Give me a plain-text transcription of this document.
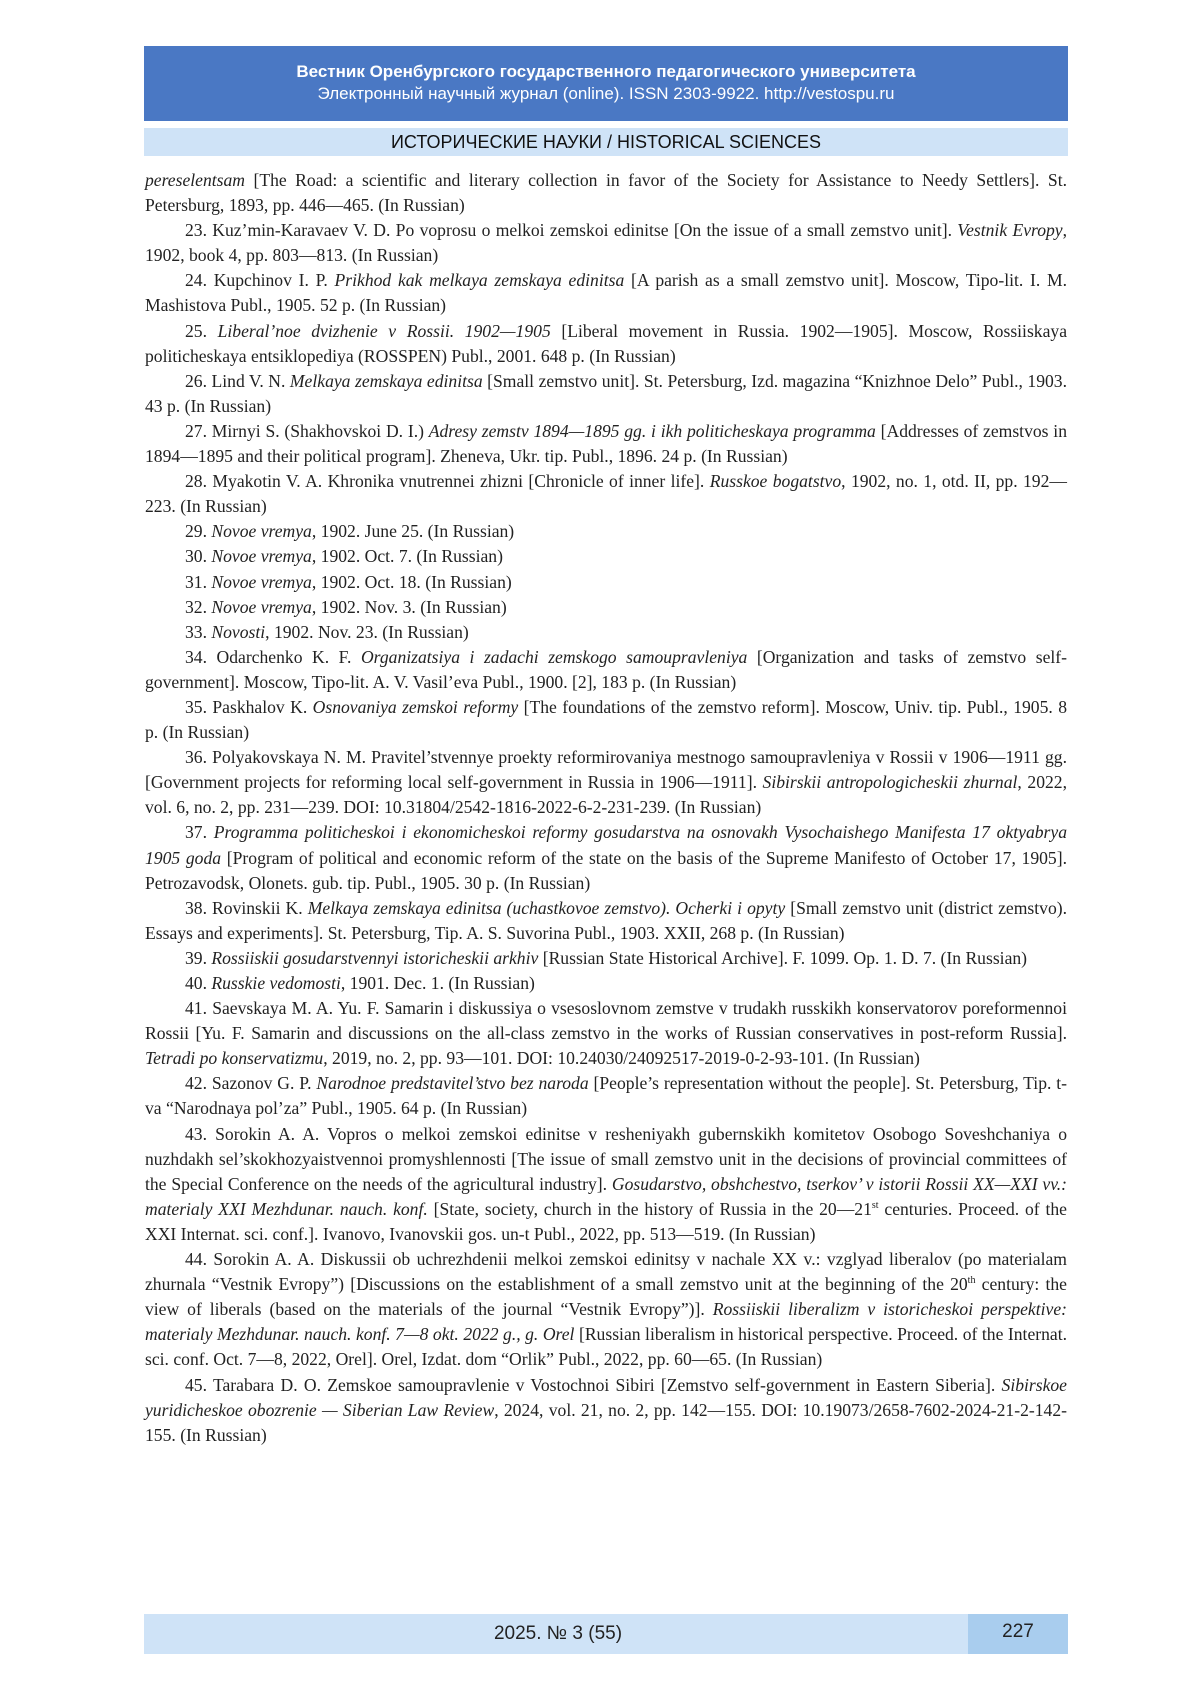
Вестник Оренбургского государственного педагогического университета
Электронный научный журнал (online). ISSN 2303-9922. http://vestospu.ru
ИСТОРИЧЕСКИЕ НАУКИ / HISTORICAL SCIENCES

pereselentsam [The Road: a scientific and literary collection in favor of the Society for Assistance to Needy Settlers]. St. Petersburg, 1893, pp. 446—465. (In Russian)

23. Kuz’min-Karavaev V. D. Po voprosu o melkoi zemskoi edinitse [On the issue of a small zemstvo unit]. Vestnik Evropy, 1902, book 4, pp. 803—813. (In Russian)

24. Kupchinov I. P. Prikhod kak melkaya zemskaya edinitsa [A parish as a small zemstvo unit]. Moscow, Tipo-lit. I. M. Mashistova Publ., 1905. 52 p. (In Russian)

25. Liberal’noe dvizhenie v Rossii. 1902—1905 [Liberal movement in Russia. 1902—1905]. Moscow, Rossiiskaya politicheskaya entsiklopediya (ROSSPEN) Publ., 2001. 648 p. (In Russian)

26. Lind V. N. Melkaya zemskaya edinitsa [Small zemstvo unit]. St. Petersburg, Izd. magazina “Knizhnoe Delo” Publ., 1903. 43 p. (In Russian)

27. Mirnyi S. (Shakhovskoi D. I.) Adresy zemstv 1894—1895 gg. i ikh politicheskaya programma [Addresses of zemstvos in 1894—1895 and their political program]. Zheneva, Ukr. tip. Publ., 1896. 24 p. (In Russian)

28. Myakotin V. A. Khronika vnutrennei zhizni [Chronicle of inner life]. Russkoe bogatstvo, 1902, no. 1, otd. II, pp. 192—223. (In Russian)

29. Novoe vremya, 1902. June 25. (In Russian)

30. Novoe vremya, 1902. Oct. 7. (In Russian)

31. Novoe vremya, 1902. Oct. 18. (In Russian)

32. Novoe vremya, 1902. Nov. 3. (In Russian)

33. Novosti, 1902. Nov. 23. (In Russian)

34. Odarchenko K. F. Organizatsiya i zadachi zemskogo samoupravleniya [Organization and tasks of zemstvo self-government]. Moscow, Tipo-lit. A. V. Vasil’eva Publ., 1900. [2], 183 p. (In Russian)

35. Paskhalov K. Osnovaniya zemskoi reformy [The foundations of the zemstvo reform]. Moscow, Univ. tip. Publ., 1905. 8 p. (In Russian)

36. Polyakovskaya N. M. Pravitel’stvennye proekty reformirovaniya mestnogo samoupravleniya v Rossii v 1906—1911 gg. [Government projects for reforming local self-government in Russia in 1906—1911]. Sibirskii antropologicheskii zhurnal, 2022, vol. 6, no. 2, pp. 231—239. DOI: 10.31804/2542-1816-2022-6-2-231-239. (In Russian)

37. Programma politicheskoi i ekonomicheskoi reformy gosudarstva na osnovakh Vysochaishego Manifesta 17 oktyabrya 1905 goda [Program of political and economic reform of the state on the basis of the Supreme Manifesto of October 17, 1905]. Petrozavodsk, Olonets. gub. tip. Publ., 1905. 30 p. (In Russian)

38. Rovinskii K. Melkaya zemskaya edinitsa (uchastkovoe zemstvo). Ocherki i opyty [Small zemstvo unit (district zemstvo). Essays and experiments]. St. Petersburg, Tip. A. S. Suvorina Publ., 1903. XXII, 268 p. (In Russian)

39. Rossiiskii gosudarstvennyi istoricheskii arkhiv [Russian State Historical Archive]. F. 1099. Op. 1. D. 7. (In Russian)

40. Russkie vedomosti, 1901. Dec. 1. (In Russian)

41. Saevskaya M. A. Yu. F. Samarin i diskussiya o vsesoslovnom zemstve v trudakh russkikh konservatorov poreformennoi Rossii [Yu. F. Samarin and discussions on the all-class zemstvo in the works of Russian conservatives in post-reform Russia]. Tetradi po konservatizmu, 2019, no. 2, pp. 93—101. DOI: 10.24030/24092517-2019-0-2-93-101. (In Russian)

42. Sazonov G. P. Narodnoe predstavitel’stvo bez naroda [People’s representation without the people]. St. Petersburg, Tip. t-va “Narodnaya pol’za” Publ., 1905. 64 p. (In Russian)

43. Sorokin A. A. Vopros o melkoi zemskoi edinitse v resheniyakh gubernskikh komitetov Osobogo Soveshchaniya o nuzhdakh sel’skokhozyaistvennoi promyshlennosti [The issue of small zemstvo unit in the decisions of provincial committees of the Special Conference on the needs of the agricultural industry]. Gosudarstvo, obshchestvo, tserkov’ v istorii Rossii XX—XXI vv.: materialy XXI Mezhdunar. nauch. konf. [State, society, church in the history of Russia in the 20—21st centuries. Proceed. of the XXI Internat. sci. conf.]. Ivanovo, Ivanovskii gos. un-t Publ., 2022, pp. 513—519. (In Russian)

44. Sorokin A. A. Diskussii ob uchrezhdenii melkoi zemskoi edinitsy v nachale XX v.: vzglyad liberalov (po materialam zhurnala “Vestnik Evropy”) [Discussions on the establishment of a small zemstvo unit at the beginning of the 20th century: the view of liberals (based on the materials of the journal “Vestnik Evropy”)]. Rossiiskii liberalizm v istoricheskoi perspektive: materialy Mezhdunar. nauch. konf. 7—8 okt. 2022 g., g. Orel [Russian liberalism in historical perspective. Proceed. of the Internat. sci. conf. Oct. 7—8, 2022, Orel]. Orel, Izdat. dom “Orlik” Publ., 2022, pp. 60—65. (In Russian)

45. Tarabara D. O. Zemskoe samoupravlenie v Vostochnoi Sibiri [Zemstvo self-government in Eastern Siberia]. Sibirskoe yuridicheskoe obozrenie — Siberian Law Review, 2024, vol. 21, no. 2, pp. 142—155. DOI: 10.19073/2658-7602-2024-21-2-142-155. (In Russian)

2025. № 3 (55)	227
